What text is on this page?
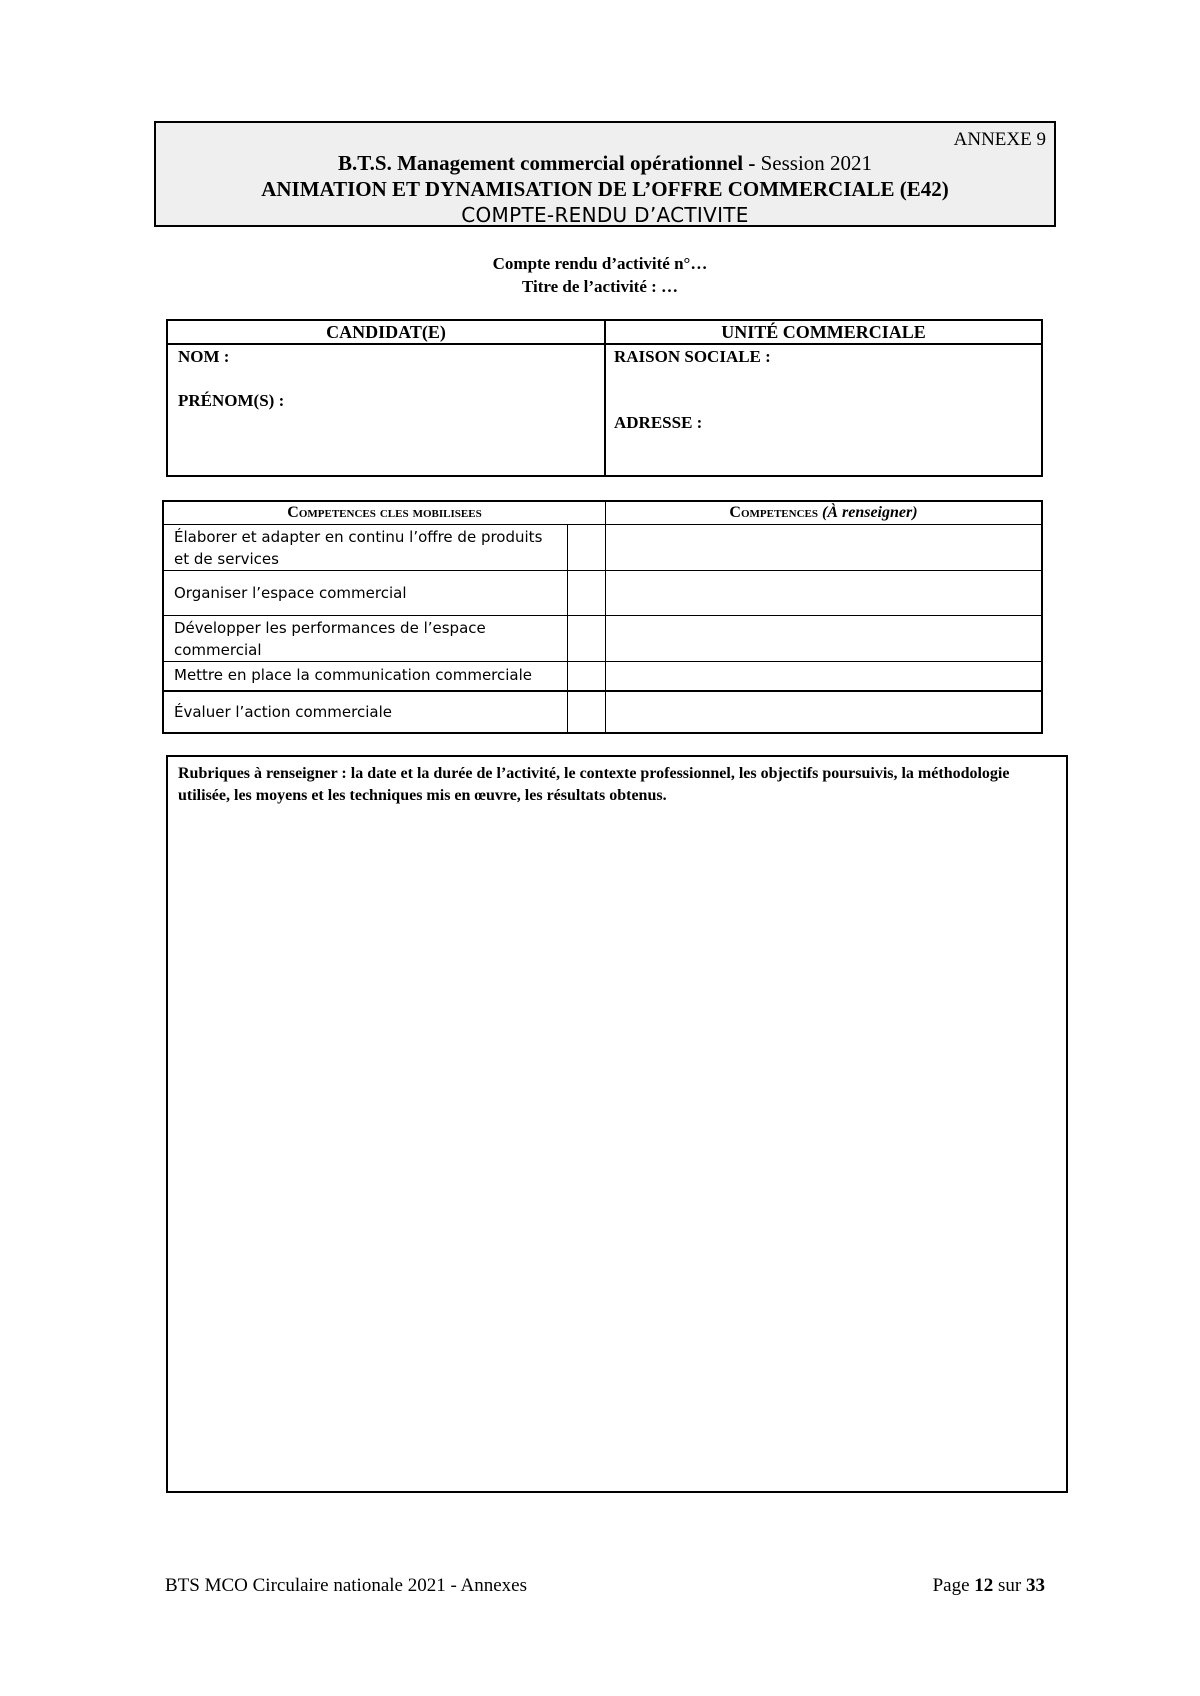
ANNEXE 9
B.T.S. Management commercial opérationnel - Session 2021
ANIMATION ET DYNAMISATION DE L’OFFRE COMMERCIALE (E42)
COMPTE-RENDU D’ACTIVITE
Compte rendu d’activité n°…
Titre de l’activité : …
CANDIDAT(E)	UNITÉ COMMERCIALE
NOM :
PRÉNOM(S) :
RAISON SOCIALE :
ADRESSE :
Competences cles mobilisees	Competences (À renseigner)
Élaborer et adapter en continu l’offre de produits et de services
Organiser l’espace commercial
Développer les performances de l’espace commercial
Mettre en place la communication commerciale
Évaluer l’action commerciale
Rubriques à renseigner : la date et la durée de l’activité, le contexte professionnel, les objectifs poursuivis, la méthodologie utilisée, les moyens et les techniques mis en œuvre, les résultats obtenus.
BTS MCO Circulaire nationale 2021 - Annexes	Page 12 sur 33
